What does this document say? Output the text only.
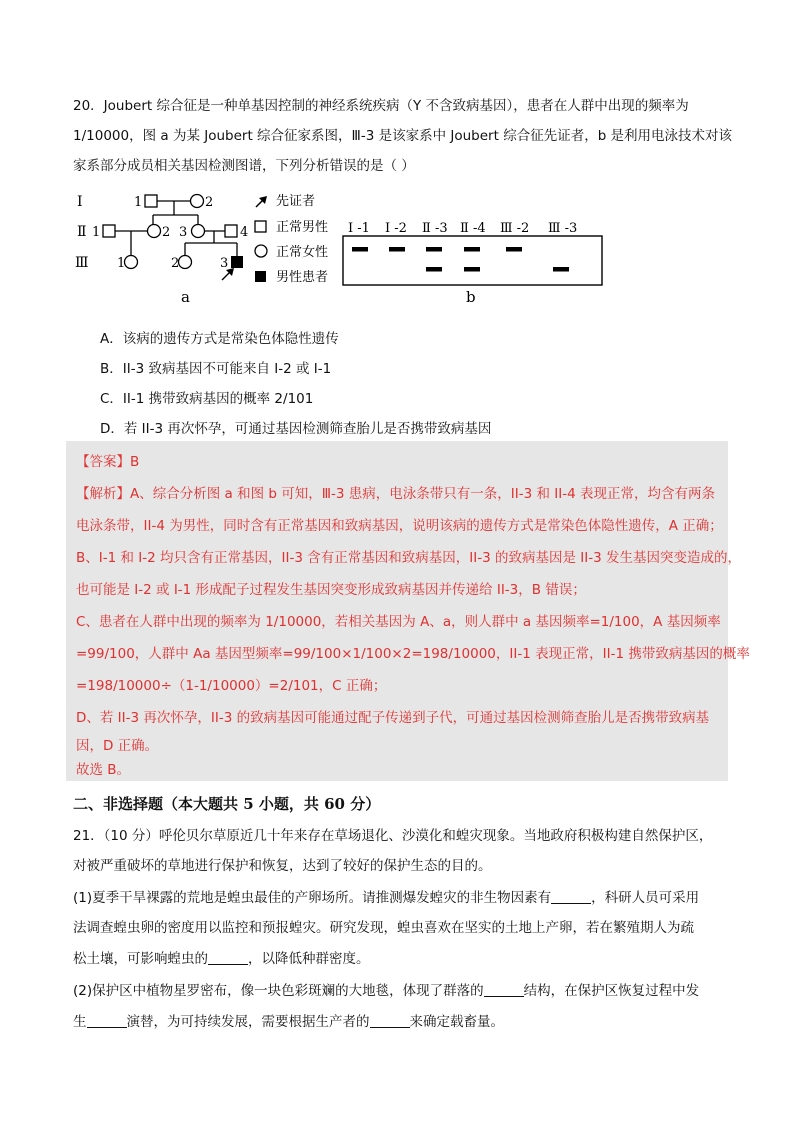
20．Joubert 综合征是一种单基因控制的神经系统疾病（Y 不含致病基因），患者在人群中出现的频率为
1/10000，图 a 为某 Joubert 综合征家系图，Ⅲ-3 是该家系中 Joubert 综合征先证者，b 是利用电泳技术对该
家系部分成员相关基因检测图谱，下列分析错误的是（ ）
Ⅰ
Ⅱ
Ⅲ
1	2
1	2 3	4
1	2	3
a
先证者
正常男性
正常女性
男性患者
Ⅰ -1 Ⅰ -2 Ⅱ -3 Ⅱ -4 Ⅲ -2 Ⅲ -3
b
A．该病的遗传方式是常染色体隐性遗传
B．II-3 致病基因不可能来自 I-2 或 I-1
C．II-1 携带致病基因的概率 2/101
D．若 II-3 再次怀孕，可通过基因检测筛查胎儿是否携带致病基因
【答案】B
【解析】A、综合分析图 a 和图 b 可知，Ⅲ-3 患病，电泳条带只有一条，II-3 和 II-4 表现正常，均含有两条
电泳条带，II-4 为男性，同时含有正常基因和致病基因，说明该病的遗传方式是常染色体隐性遗传，A 正确；
B、I-1 和 I-2 均只含有正常基因，II-3 含有正常基因和致病基因，II-3 的致病基因是 II-3 发生基因突变造成的，
也可能是 I-2 或 I-1 形成配子过程发生基因突变形成致病基因并传递给 II-3，B 错误；
C、患者在人群中出现的频率为 1/10000，若相关基因为 A、a，则人群中 a 基因频率=1/100，A 基因频率
=99/100，人群中 Aa 基因型频率=99/100×1/100×2=198/10000，II-1 表现正常，II-1 携带致病基因的概率
=198/10000÷（1-1/10000）=2/101，C 正确；
D、若 II-3 再次怀孕，II-3 的致病基因可能通过配子传递到子代，可通过基因检测筛查胎儿是否携带致病基
因，D 正确。
故选 B。
二、非选择题（本大题共 5 小题，共 60 分）
21．（10 分）呼伦贝尔草原近几十年来存在草场退化、沙漠化和蝗灾现象。当地政府积极构建自然保护区，
对被严重破坏的草地进行保护和恢复，达到了较好的保护生态的目的。
(1)夏季干旱裸露的荒地是蝗虫最佳的产卵场所。请推测爆发蝗灾的非生物因素有	，科研人员可采用
法调查蝗虫卵的密度用以监控和预报蝗灾。研究发现，蝗虫喜欢在坚实的土地上产卵，若在繁殖期人为疏
松土壤，可影响蝗虫的	，以降低种群密度。
(2)保护区中植物星罗密布，像一块色彩斑斓的大地毯，体现了群落的	结构，在保护区恢复过程中发
生	演替，为可持续发展，需要根据生产者的	来确定载畜量。
